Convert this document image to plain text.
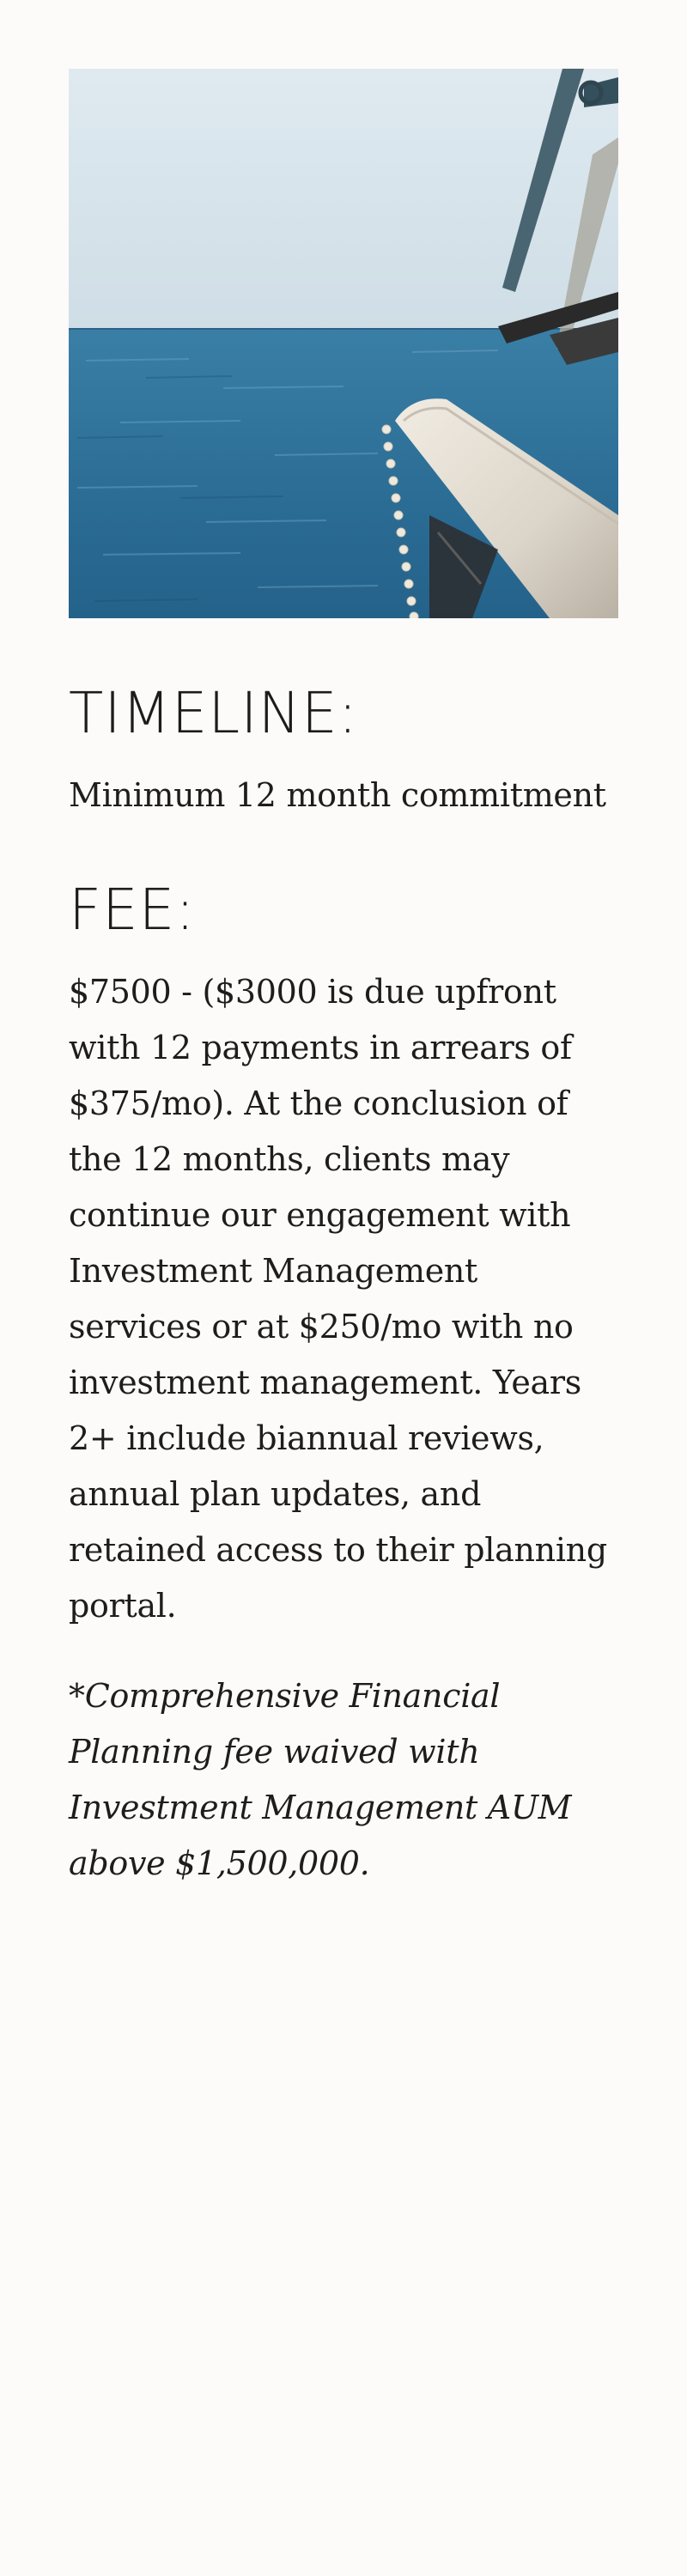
TIMELINE:

Minimum 12 month commitment

FEE:

$7500 - ($3000 is due upfront with 12 payments in arrears of $375/mo). At the conclusion of the 12 months, clients may continue our engagement with Investment Management services or at $250/mo with no investment management. Years 2+ include biannual reviews, annual plan updates, and retained access to their planning portal.

*Comprehensive Financial Planning fee waived with Investment Management AUM above $1,500,000.
